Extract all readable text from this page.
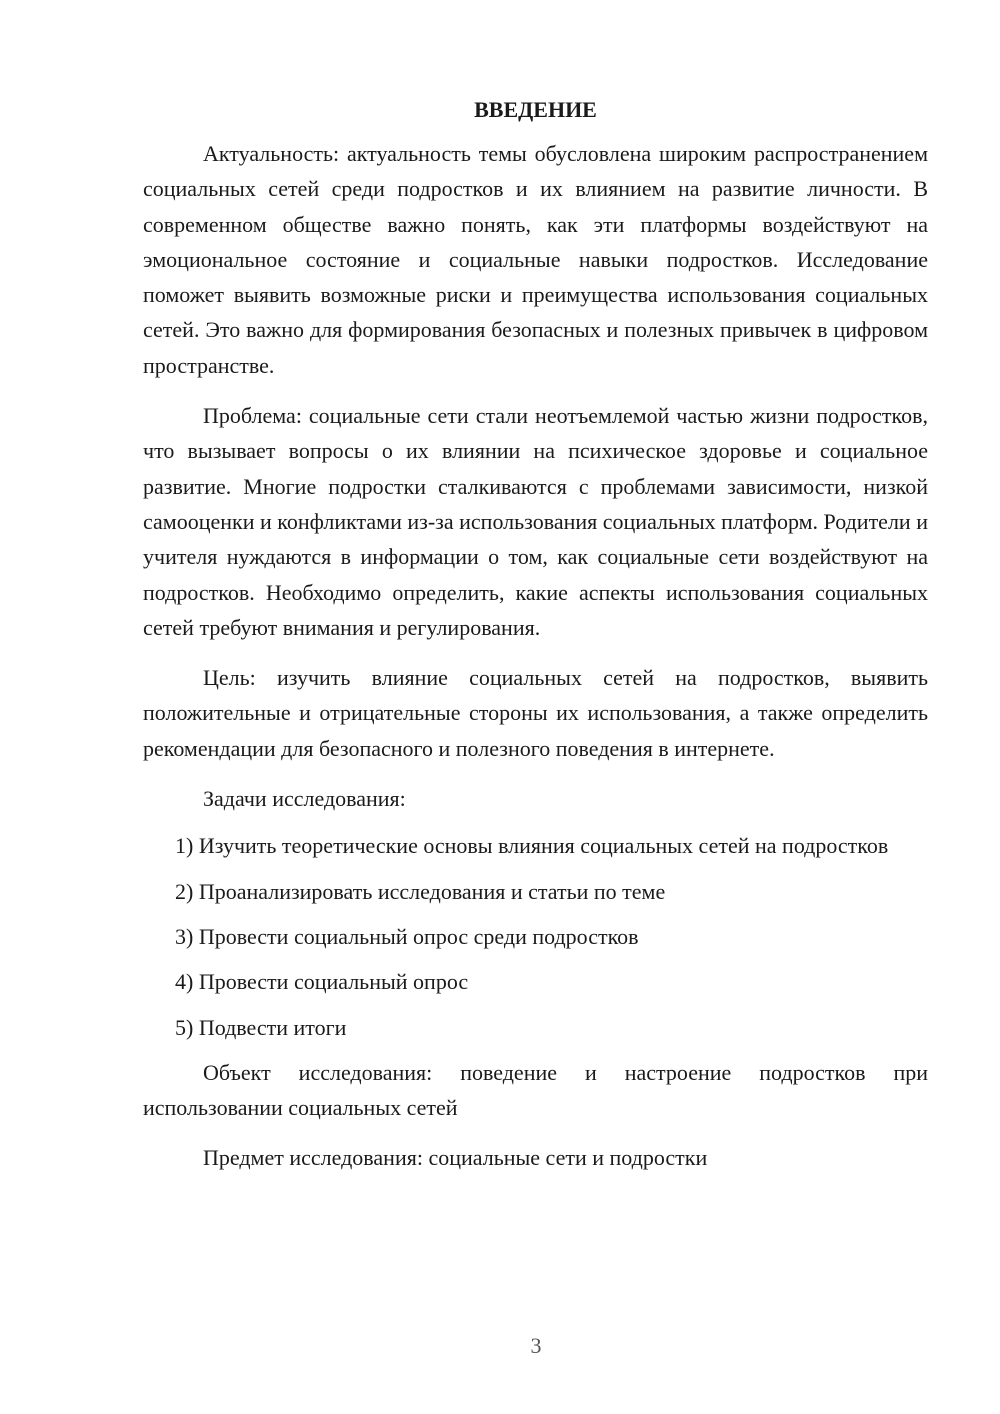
ВВЕДЕНИЕ

Актуальность: актуальность темы обусловлена широким распространением социальных сетей среди подростков и их влиянием на развитие личности. В современном обществе важно понять, как эти платформы воздействуют на эмоциональное состояние и социальные навыки подростков. Исследование поможет выявить возможные риски и преимущества использования социальных сетей. Это важно для формирования безопасных и полезных привычек в цифровом пространстве.

Проблема: социальные сети стали неотъемлемой частью жизни подростков, что вызывает вопросы о их влиянии на психическое здоровье и социальное развитие. Многие подростки сталкиваются с проблемами зависимости, низкой самооценки и конфликтами из-за использования социальных платформ. Родители и учителя нуждаются в информации о том, как социальные сети воздействуют на подростков. Необходимо определить, какие аспекты использования социальных сетей требуют внимания и регулирования.

Цель: изучить влияние социальных сетей на подростков, выявить положительные и отрицательные стороны их использования, а также определить рекомендации для безопасного и полезного поведения в интернете.

Задачи исследования:

1) Изучить теоретические основы влияния социальных сетей на подростков

2) Проанализировать исследования и статьи по теме

3) Провести социальный опрос среди подростков

4) Провести социальный опрос

5) Подвести итоги

Объект исследования: поведение и настроение подростков при использовании социальных сетей

Предмет исследования: социальные сети и подростки

3
